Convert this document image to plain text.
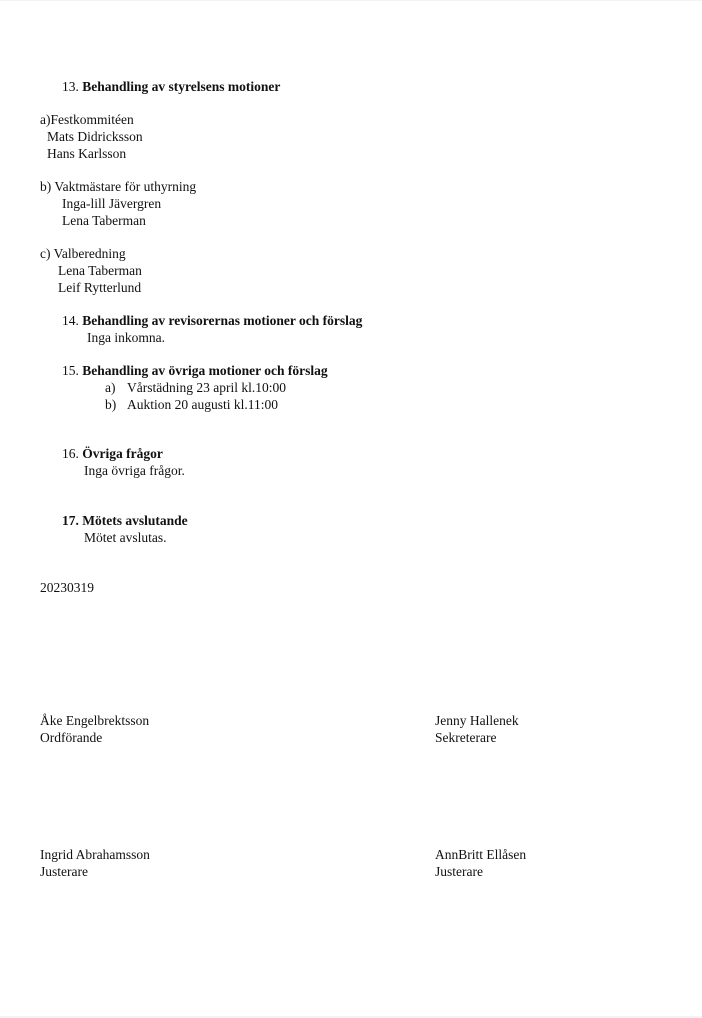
13. Behandling av styrelsens motioner
a)Festkommitéen
Mats Didricksson
Hans Karlsson
b) Vaktmästare för uthyrning
Inga-lill Jävergren
Lena Taberman
c) Valberedning
Lena Taberman
Leif Rytterlund
14. Behandling av revisorernas motioner och förslag
Inga inkomna.
15. Behandling av övriga motioner och förslag
a) Vårstädning 23 april kl.10:00
b) Auktion 20 augusti kl.11:00
16. Övriga frågor
Inga övriga frågor.
17. Mötets avslutande
Mötet avslutas.
20230319
Åke Engelbrektsson
Ordförande
Jenny Hallenek
Sekreterare
Ingrid Abrahamsson
Justerare
AnnBritt Ellåsen
Justerare
